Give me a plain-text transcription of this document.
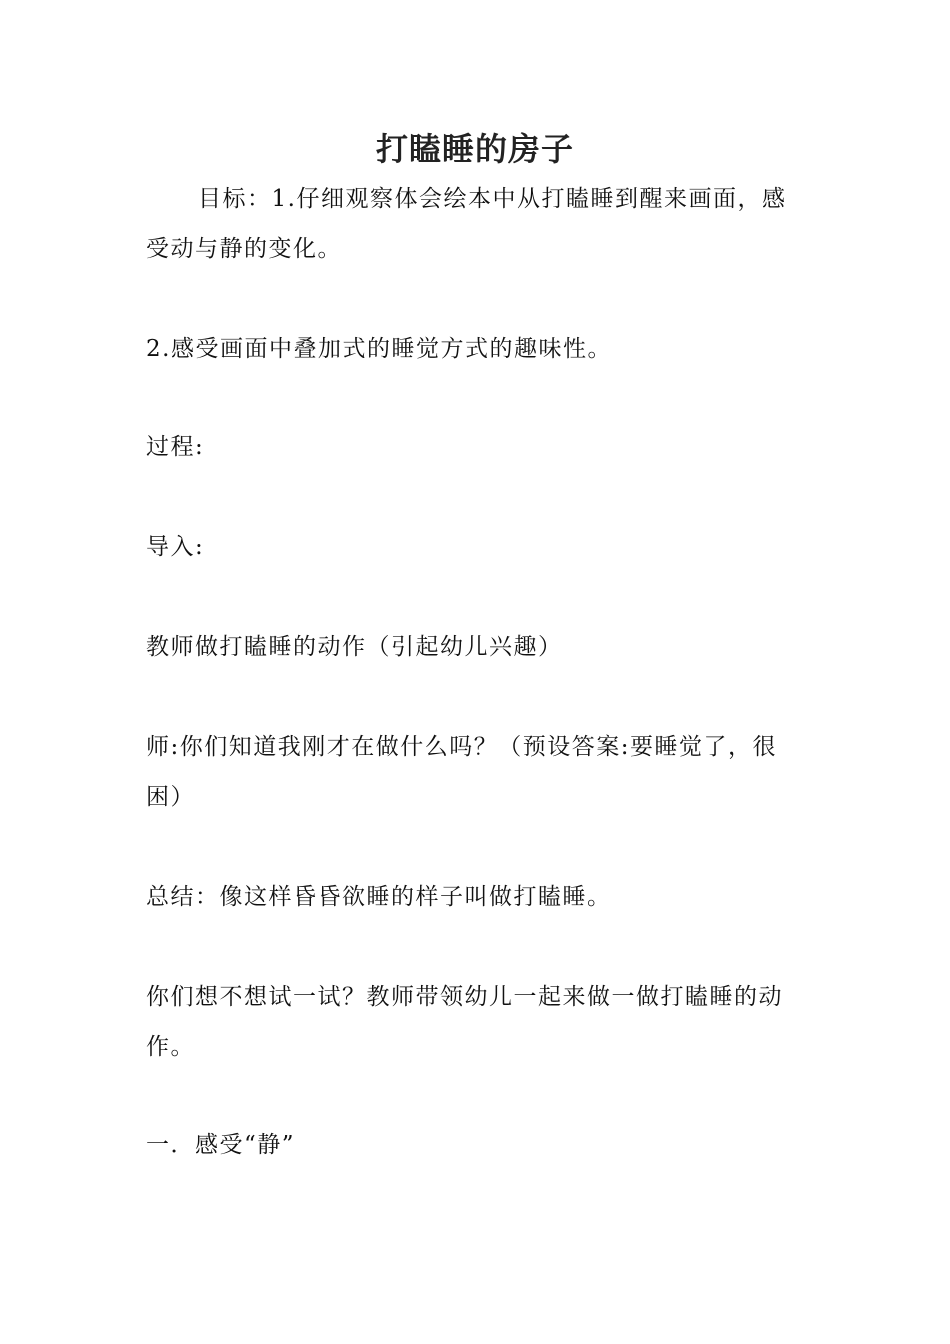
打瞌睡的房子
目标：1.仔细观察体会绘本中从打瞌睡到醒来画面，感受动与静的变化。
2.感受画面中叠加式的睡觉方式的趣味性。
过程:
导入:
教师做打瞌睡的动作（引起幼儿兴趣）
师:你们知道我刚才在做什么吗？（预设答案:要睡觉了，很困）
总结：像这样昏昏欲睡的样子叫做打瞌睡。
你们想不想试一试？教师带领幼儿一起来做一做打瞌睡的动作。
一．感受“静”
